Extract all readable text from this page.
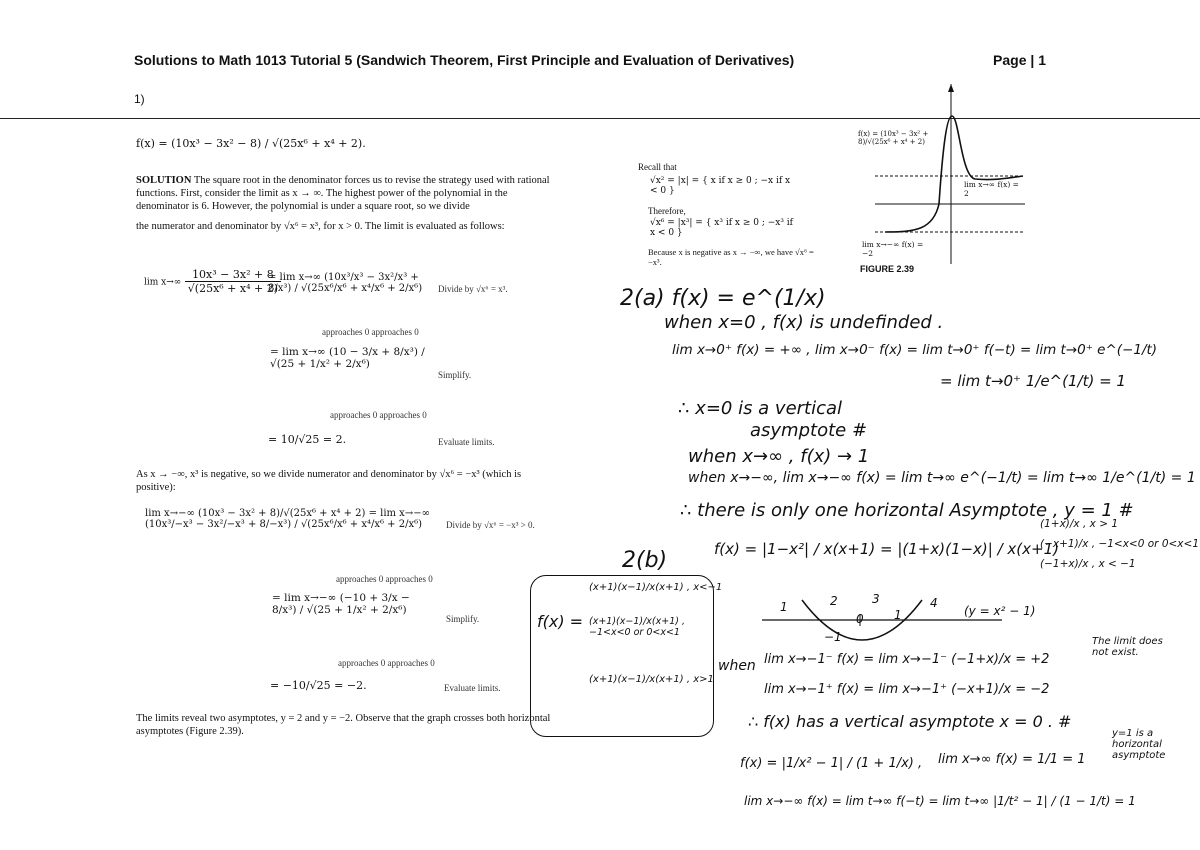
Solutions to Math 1013 Tutorial 5 (Sandwich Theorem, First Principle and Evaluation of Derivatives)	Page | 1
1)
f(x) = (10x³ − 3x² − 8) / √(25x⁶ + x⁴ + 2).
SOLUTION The square root in the denominator forces us to revise the strategy used with rational functions. First, consider the limit as x → ∞. The highest power of the polynomial in the denominator is 6. However, the polynomial is under a square root, so we divide
the numerator and denominator by √x⁶ = x³, for x > 0. The limit is evaluated as follows:
$\lim x\to\infty \frac{\text{10x³ − 3x² + 8}}{\text{√(25x⁶ + x⁴ + 2)}}$
= lim x→∞ (10x³/x³ − 3x²/x³ + 8/x³) / √(25x⁶/x⁶ + x⁴/x⁶ + 2/x⁶)	Divide by √x⁶ = x³.
approaches 0 approaches 0
= lim x→∞ (10 − 3/x + 8/x³) / √(25 + 1/x² + 2/x⁶)
Simplify.
approaches 0 approaches 0
= 10/√25 = 2.	Evaluate limits.
As x → −∞, x³ is negative, so we divide numerator and denominator by √x⁶ = −x³ (which is positive):
lim x→−∞ (10x³ − 3x² + 8)/√(25x⁶ + x⁴ + 2) = lim x→−∞ (10x³/−x³ − 3x²/−x³ + 8/−x³) / √(25x⁶/x⁶ + x⁴/x⁶ + 2/x⁶)	Divide by √x⁶ = −x³ > 0.
approaches 0 approaches 0
= lim x→−∞ (−10 + 3/x − 8/x³) / √(25 + 1/x² + 2/x⁶)
Simplify.
approaches 0 approaches 0
= −10/√25 = −2.	Evaluate limits.
The limits reveal two asymptotes, y = 2 and y = −2. Observe that the graph crosses both horizontal asymptotes (Figure 2.39).
Recall that
√x² = |x| = { x if x ≥ 0 ; −x if x < 0 }
Therefore,
√x⁶ = |x³| = { x³ if x ≥ 0 ; −x³ if x < 0 }
Because x is negative as x → −∞, we have √x⁶ = −x³.
f(x) = (10x³ − 3x² + 8)/√(25x⁶ + x⁴ + 2)
lim x→∞ f(x) = 2
lim x→−∞ f(x) = −2
FIGURE 2.39
2(a) f(x) = e^(1/x)
when x=0 , f(x) is undefinded .
lim x→0⁺ f(x) = +∞ , lim x→0⁻ f(x) = lim t→0⁺ f(−t) = lim t→0⁺ e^(−1/t)
= lim t→0⁺ 1/e^(1/t) = 1
∴ x=0 is a vertical
asymptote #
when x→∞ , f(x) → 1
when x→−∞, lim x→−∞ f(x) = lim t→∞ e^(−1/t) = lim t→∞ 1/e^(1/t) = 1
∴ there is only one horizontal Asymptote , y = 1 #
2(b)	f(x) = |1−x²| / x(x+1) = |(1+x)(1−x)| / x(x+1)
(1+x)/x , x > 1
(−x+1)/x , −1<x<0 or 0<x<1
(−1+x)/x , x < −1
f(x) =
(x+1)(x−1)/x(x+1) , x<−1
(x+1)(x−1)/x(x+1) , −1<x<0 or 0<x<1
(x+1)(x−1)/x(x+1) , x>1
−1
0	1
1	2	3	4
(y = x² − 1)
when lim x→−1⁻ f(x) = lim x→−1⁻ (−1+x)/x = +2
lim x→−1⁺ f(x) = lim x→−1⁺ (−x+1)/x = −2
The limit does not exist.
∴ f(x) has a vertical asymptote x = 0 . #
f(x) = |1/x² − 1| / (1 + 1/x) , lim x→∞ f(x) = 1/1 = 1
y=1 is a horizontal asymptote
lim x→−∞ f(x) = lim t→∞ f(−t) = lim t→∞ |1/t² − 1| / (1 − 1/t) = 1
